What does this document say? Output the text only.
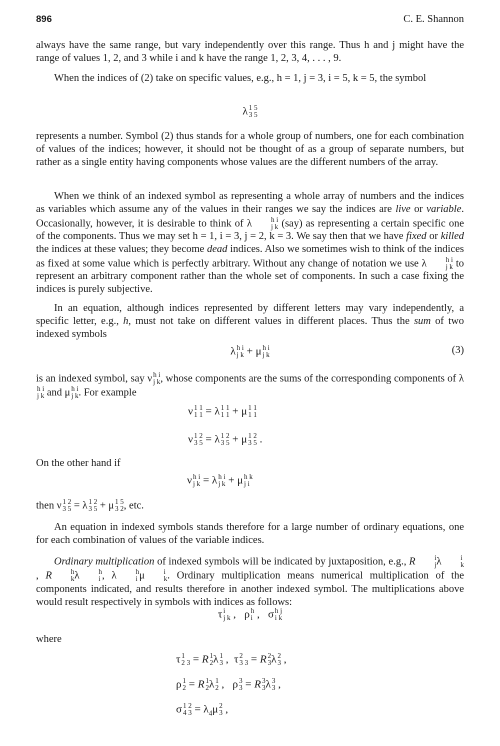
896	C. E. Shannon

always have the same range, but vary independently over this range. Thus h and j might have the range of values 1, 2, and 3 while i and k have the range 1, 2, 3, 4, . . . , 9.

When the indices of (2) take on specific values, e.g., h = 1, j = 3, i = 5, k = 5, the symbol

λ 1 5
3 5

represents a number. Symbol (2) thus stands for a whole group of numbers, one for each combination of values of the indices; however, it should not be thought of as a group of separate numbers, but rather as a single entity having components whose values are the different numbers of the array.

When we think of an indexed symbol as representing a whole array of numbers and the indices as variables which assume any of the values in their ranges we say the indices are live or variable. Occasionally, however, it is desirable to think of λ	h i
j k (say) as representing a certain specific one of the components. Thus we may set h = 1, i = 3, j = 2, k = 3. We say then that we have fixed or killed the indices at these values; they become dead indices. Also we sometimes wish to think of the indices as fixed at some value which is perfectly arbitrary. Without any change of notation we use λ	h i
j k to represent an arbitrary component rather than the whole set of components. In such a case fixing the indices is purely subjective.

In an equation, although indices represented by different letters may vary independently, a specific letter, e.g., h, must not take on different values in different places. Thus the sum of two indexed symbols

λ h i
j k + μ h i
j k	(3)

is an indexed symbol, say ν h i
j k , whose components are the sums of the corresponding components of λ
h i
j k and μ h i
j k . For example

ν 1 1
1 1 = λ 1 1
1 1 + μ 1 1
1 1
ν 1 2
3 5 = λ 1 2
3 5 + μ 1 2
3 5 .

On the other hand if

ν h i
j k = λ h i
j k + μ h k
j i

then ν 1 2
3 5 = λ 1 2
3 5 + μ 1 5
3 2 , etc.

An equation in indexed symbols stands therefore for a large number of ordinary equations, one for each combination of values of the variable indices.

Ordinary multiplication of indexed symbols will be indicated by juxtaposition, e.g., R	i
j λ	i
k
, R	h
k λ	h
i , λ	h
i μ	i
k . Ordinary multiplication means numerical multiplication of the components indicated, and results therefore in another indexed symbol. The multiplications above would result respectively in symbols with indices as follows:

τ i
j k ,   ρ h
i ,   σ h j
i k

where

τ 1
2 3 = R 1
2 λ 1
3 ,  τ 2
3 3 = R 2
3 λ 2
3 ,
ρ 1
2 = R 1
2 λ 1
2 ,   ρ 3
3 = R 3
3 λ 3
3 ,
σ 1 2
4 $3 = \lambda_4\mu$ 2
3 ,
